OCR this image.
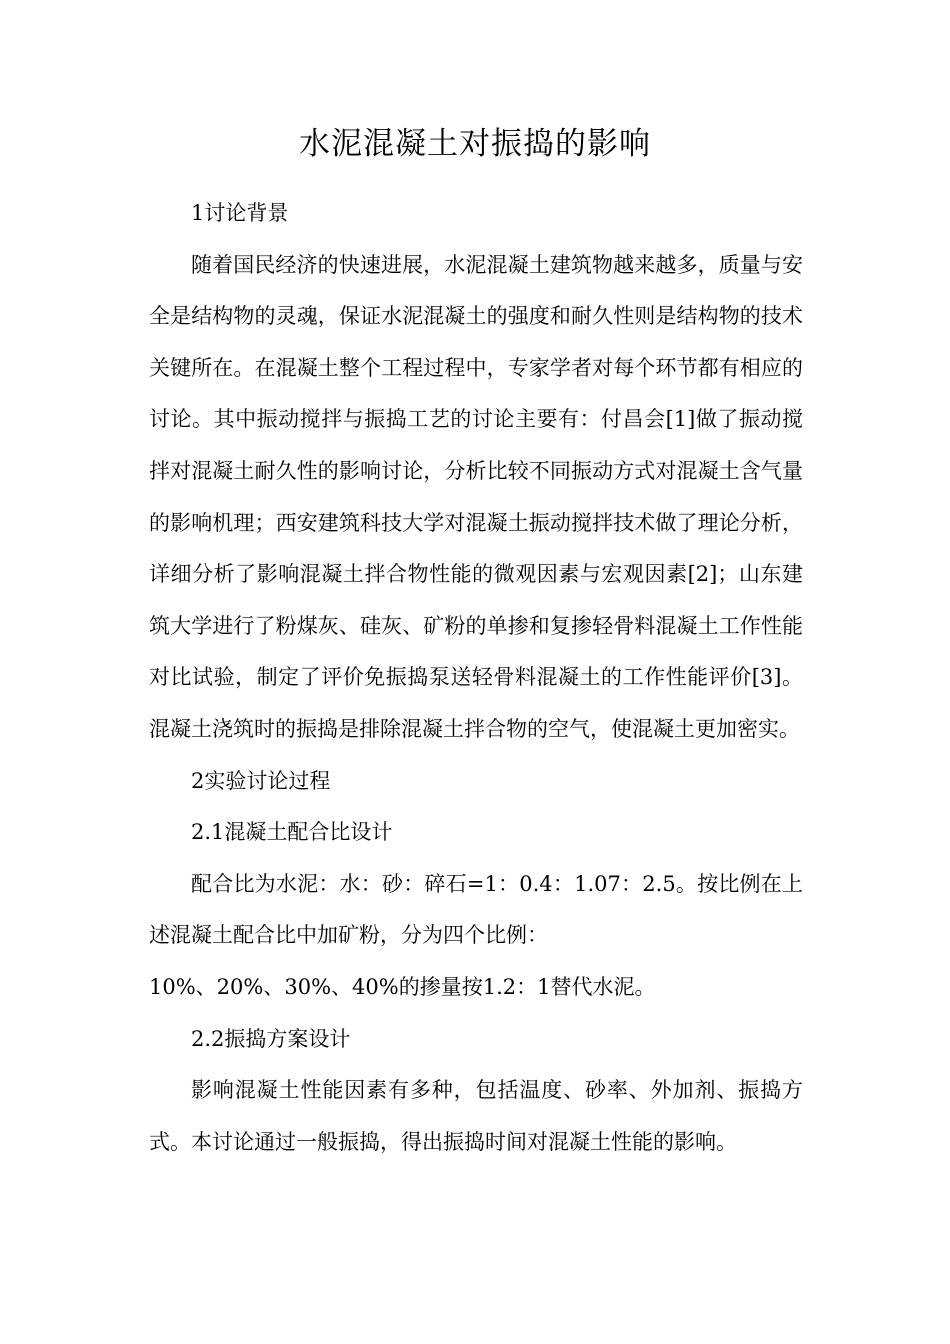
水泥混凝土对振捣的影响

1讨论背景

随着国民经济的快速进展，水泥混凝土建筑物越来越多，质量与安全是结构物的灵魂，保证水泥混凝土的强度和耐久性则是结构物的技术关键所在。在混凝土整个工程过程中，专家学者对每个环节都有相应的讨论。其中振动搅拌与振捣工艺的讨论主要有：付昌会[1]做了振动搅拌对混凝土耐久性的影响讨论，分析比较不同振动方式对混凝土含气量的影响机理；西安建筑科技大学对混凝土振动搅拌技术做了理论分析，详细分析了影响混凝土拌合物性能的微观因素与宏观因素[2]；山东建筑大学进行了粉煤灰、硅灰、矿粉的单掺和复掺轻骨料混凝土工作性能对比试验，制定了评价免振捣泵送轻骨料混凝土的工作性能评价[3]。混凝土浇筑时的振捣是排除混凝土拌合物的空气，使混凝土更加密实。

2实验讨论过程

2.1混凝土配合比设计

配合比为水泥：水：砂：碎石=1：0.4：1.07：2.5。按比例在上述混凝土配合比中加矿粉，分为四个比例：

10%、20%、30%、40%的掺量按1.2：1替代水泥。

2.2振捣方案设计

影响混凝土性能因素有多种，包括温度、砂率、外加剂、振捣方式。本讨论通过一般振捣，得出振捣时间对混凝土性能的影响。
